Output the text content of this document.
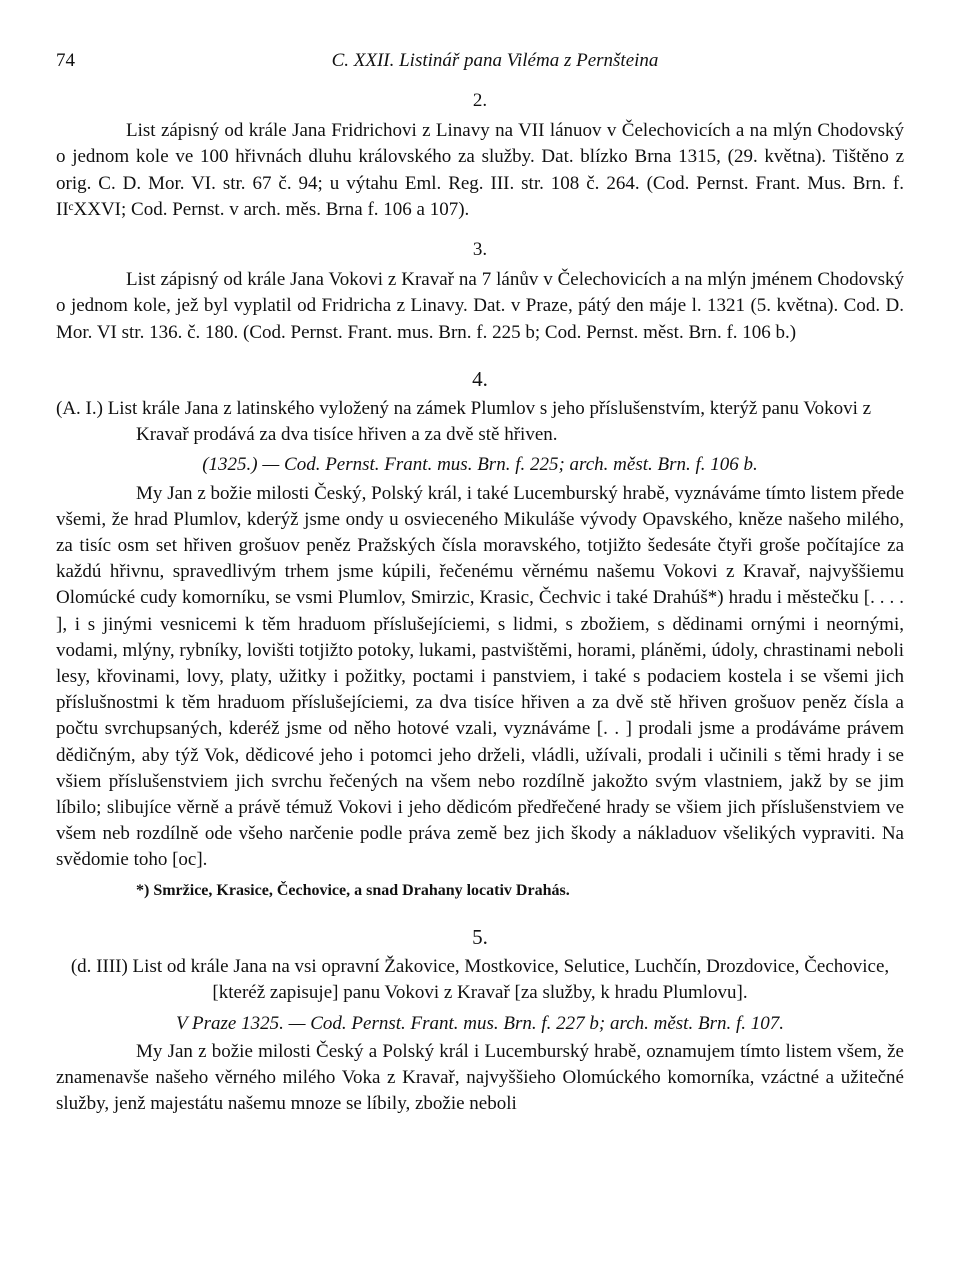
74	C. XXII. Listinář pana Viléma z Pernšteina
2.

List zápisný od krále Jana Fridrichovi z Linavy na VII lánuov v Čelechovicích a na mlýn Chodovský o jednom kole ve 100 hřivnách dluhu královského za služby. Dat. blízko Brna 1315, (29. května). Tištěno z orig. C. D. Mor. VI. str. 67 č. 94; u výtahu Eml. Reg. III. str. 108 č. 264. (Cod. Pernst. Frant. Mus. Brn. f. IIᶜXXVI; Cod. Pernst. v arch. měs. Brna f. 106 a 107).

3.

List zápisný od krále Jana Vokovi z Kravař na 7 lánův v Čelechovicích a na mlýn jménem Chodovský o jednom kole, jež byl vyplatil od Fridricha z Linavy. Dat. v Praze, pátý den máje l. 1321 (5. května). Cod. D. Mor. VI str. 136. č. 180. (Cod. Pernst. Frant. mus. Brn. f. 225 b; Cod. Pernst. měst. Brn. f. 106 b.)

4.

(A. I.) List krále Jana z latinského vyložený na zámek Plumlov s jeho příslušenstvím, kterýž panu Vokovi z Kravař prodává za dva tisíce hřiven a za dvě stě hřiven.

(1325.) — Cod. Pernst. Frant. mus. Brn. f. 225; arch. měst. Brn. f. 106 b.

My Jan z božie milosti Český, Polský král, i také Lucemburský hrabě, vyznáváme tímto listem přede všemi, že hrad Plumlov, kderýž jsme ondy u osvieceného Mikuláše vývody Opavského, kněze našeho milého, za tisíc osm set hřiven grošuov peněz Pražských čísla moravského, totjižto šedesáte čtyři groše počítajíce za každú hřivnu, spravedlivým trhem jsme kúpili, řečenému věrnému našemu Vokovi z Kravař, najvyššiemu Olomúcké cudy komorníku, se vsmi Plumlov, Smirzic, Krasic, Čechvic i také Drahúš*) hradu i městečku [. . . . ], i s jinými vesnicemi k těm hraduom příslušejíciemi, s lidmi, s zbožiem, s dědinami ornými i neornými, vodami, mlýny, rybníky, lovišti totjižto potoky, lukami, pastvištěmi, horami, pláněmi, údoly, chrastinami neboli lesy, křovinami, lovy, platy, užitky i požitky, poctami i panstviem, i také s podaciem kostela i se všemi jich příslušnostmi k těm hraduom příslušejíciemi, za dva tisíce hřiven a za dvě stě hřiven grošuov peněz čísla a počtu svrchupsaných, kderéž jsme od něho hotové vzali, vyznáváme [. . ] prodali jsme a prodáváme právem dědičným, aby týž Vok, dědicové jeho i potomci jeho drželi, vládli, užívali, prodali i učinili s těmi hrady i se všiem příslušenstviem jich svrchu řečených na všem nebo rozdílně jakožto svým vlastniem, jakž by se jim líbilo; slibujíce věrně a právě témuž Vokovi i jeho dědicóm předřečené hrady se všiem jich příslušenstviem ve všem neb rozdílně ode všeho narčenie podle práva země bez jich škody a nákladuov všelikých vypraviti. Na svědomie toho [oc].

*) Smržice, Krasice, Čechovice, a snad Drahany locativ Drahás.

5.

(d. IIII) List od krále Jana na vsi opravní Žakovice, Mostkovice, Selutice, Luchčín, Drozdovice, Čechovice, [kteréž zapisuje] panu Vokovi z Kravař [za služby, k hradu Plumlovu].

V Praze 1325. — Cod. Pernst. Frant. mus. Brn. f. 227 b; arch. měst. Brn. f. 107.

My Jan z božie milosti Český a Polský král i Lucemburský hrabě, oznamujem tímto listem všem, že znamenavše našeho věrného milého Voka z Kravař, najvyššieho Olomúckého komorníka, vzáctné a užitečné služby, jenž majestátu našemu mnoze se líbily, zbožie neboli
